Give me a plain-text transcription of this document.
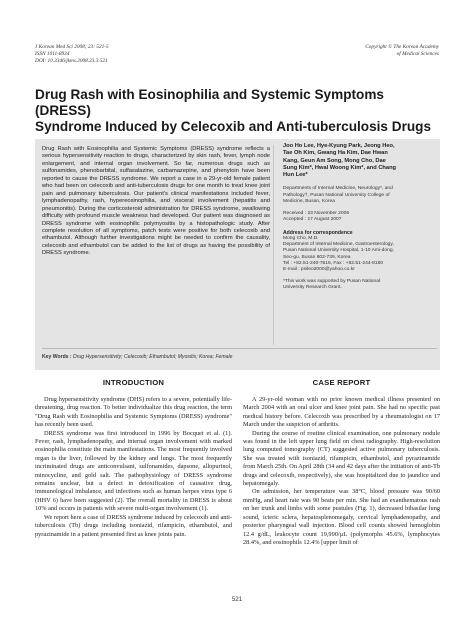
J Korean Med Sci 2008; 23: 521-5
ISSN 1011-8934
DOI: 10.3346/jkms.2008.23.3.521
Copyright © The Korean Academy
of Medical Sciences
Drug Rash with Eosinophilia and Systemic Symptoms (DRESS)
Syndrome Induced by Celecoxib and Anti-tuberculosis Drugs
Drug Rash with Eosinophilia and Systemic Symptoms (DRESS) syndrome reflects a serious hypersensitivity reaction to drugs, characterized by skin rash, fever, lymph node enlargement, and internal organ involvement. So far, numerous drugs such as sulfonamides, phenobarbital, sulfasalazine, carbamazepine, and phenytoin have been reported to cause the DRESS syndrome. We report a case in a 29-yr-old female patient who had been on celecoxib and anti-tuberculosis drugs for one month to treat knee joint pain and pulmonary tuberculosis. Our patient's clinical manifestations included fever, lymphadenopathy, rash, hypereosinophilia, and visceral involvement (hepatitis and pneumonitis). During the corticosteroid administration for DRESS syndrome, swallowing difficulty with profound muscle weakness had developed. Our patient was diagnosed as DRESS syndrome with eosinophilic polymyositis by a histopathologic study. After complete resolution of all symptoms, patch tests were positive for both celecoxib and ethambutol. Although further investigations might be needed to confirm the causality, celecoxib and ethambutol can be added to the list of drugs as having the possibility of DRESS syndrome.
Key Words : Drug Hypersensitivity; Celecoxib; Ethambutol; Myositis; Korea; Female
Joo Ho Lee, Hye-Kyung Park, Jeong Heo, Tae Oh Kim, Gwang Ha Kim, Dae Hwan Kang, Geun Am Song, Mong Cho, Dae Sung Kim*, Hwal Woong Kim*, and Chang Hun Lee*
Departments of Internal Medicine, Neurology*, and Pathology†, Pusan National University College of Medicine, Busan, Korea
Received : 23 November 2006
Accepted : 17 August 2007
Address for correspondence
Mong Cho, M.D.
Department of Internal Medicine, Gastroenterology, Pusan National University Hospital, 1-10 Ami-dong, Seo-gu, Busan 602-739, Korea
Tel : +82.51-240-7516, Fax : +82.51-244-8180
E-mail : psileo2000@yahoo.co.kr
*This work was supported by Pusan National University Research Grant.
INTRODUCTION

Drug hypersensitivity syndrome (DHS) refers to a severe, potentially life-threatening, drug reaction. To better individualize this drug reaction, the term "Drug Rash with Eosinophilia and Systemic Symptoms (DRESS) syndrome" has recently been used.

DRESS syndrome was first introduced in 1996 by Bocquet et al. (1). Fever, rash, lymphadenopathy, and internal organ involvement with marked eosinophilia constitute the main manifestations. The most frequently involved organ is the liver, followed by the kidney and lungs. The most frequently incriminated drugs are anticonvulsant, sulfonamides, dapsone, allopurinol, minocycline, and gold salt. The pathophysiology of DRESS syndrome remains unclear, but a defect in detoxification of causative drug, immunological imbalance, and infections such as human herpes virus type 6 (HHV 6) have been suggested (2). The overall mortality in DRESS is about 10% and occurs in patients with severe multi-organ involvement (1).

We report here a case of DRESS syndrome induced by celecoxib and anti-tuberculosis (Tb) drugs including isoniazid, rifampicin, ethambutol, and pyrazinamide in a patient presented first as knee joints pain.

CASE REPORT

A 29-yr-old woman with no prior known medical illness presented on March 2004 with an oral ulcer and knee joint pain. She had no specific past medical history before. Celecoxib was prescribed by a rheumatologist on 17 March under the suspicion of arthritis.

During the course of routine clinical examination, one pulmonary nodule was found in the left upper lung field on chest radiography. High-resolution lung computed tomography (CT) suggested active pulmonary tuberculosis. She was treated with isoniazid, rifampicin, ethambutol, and pyrazinamide from March 25th. On April 28th (34 and 42 days after the initiation of anti-Tb drugs and celecoxib, respectively), she was hospitalized due to jaundice and hepatomegaly.

On admission, her temperature was 38°C, blood pressure was 90/60 mmHg, and heart rate was 90 beats per min. She had an exanthematous rash on her trunk and limbs with some pustules (Fig. 1), decreased bibasilar lung sound, icteric sclera, hepatosplenomegaly, cervical lymphadenopathy, and posterior pharyngeal wall injection. Blood cell counts showed hemoglobin 12.4 g/dL, leukocyte count 19,990/µL (polymorphs 45.6%, lymphocytes 28.4%, and eosinophils 12.4% [upper limit of

521
